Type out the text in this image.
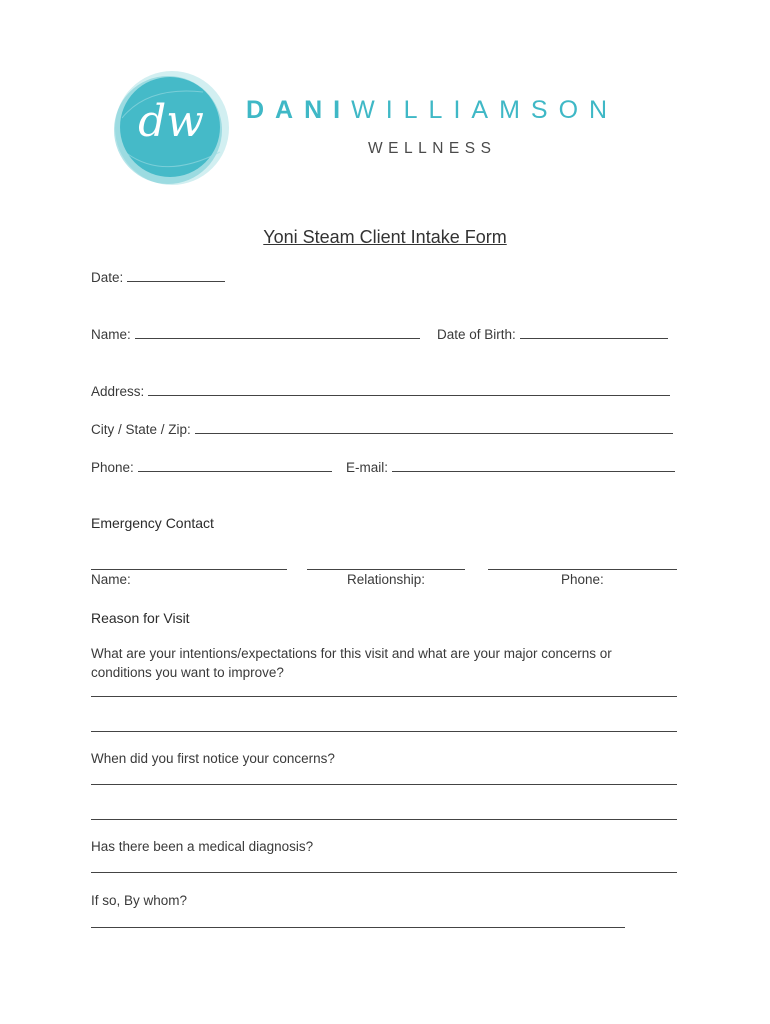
dw DANIWILLIAMSON
WELLNESS
Yoni Steam Client Intake Form
Date:
Name:	Date of Birth:
Address:
City / State / Zip:
Phone:	E-mail:
Emergency Contact
Name:	Relationship:	Phone:
Reason for Visit
What are your intentions/expectations for this visit and what are your major concerns or conditions you want to improve?
When did you first notice your concerns?
Has there been a medical diagnosis?
If so, By whom?
